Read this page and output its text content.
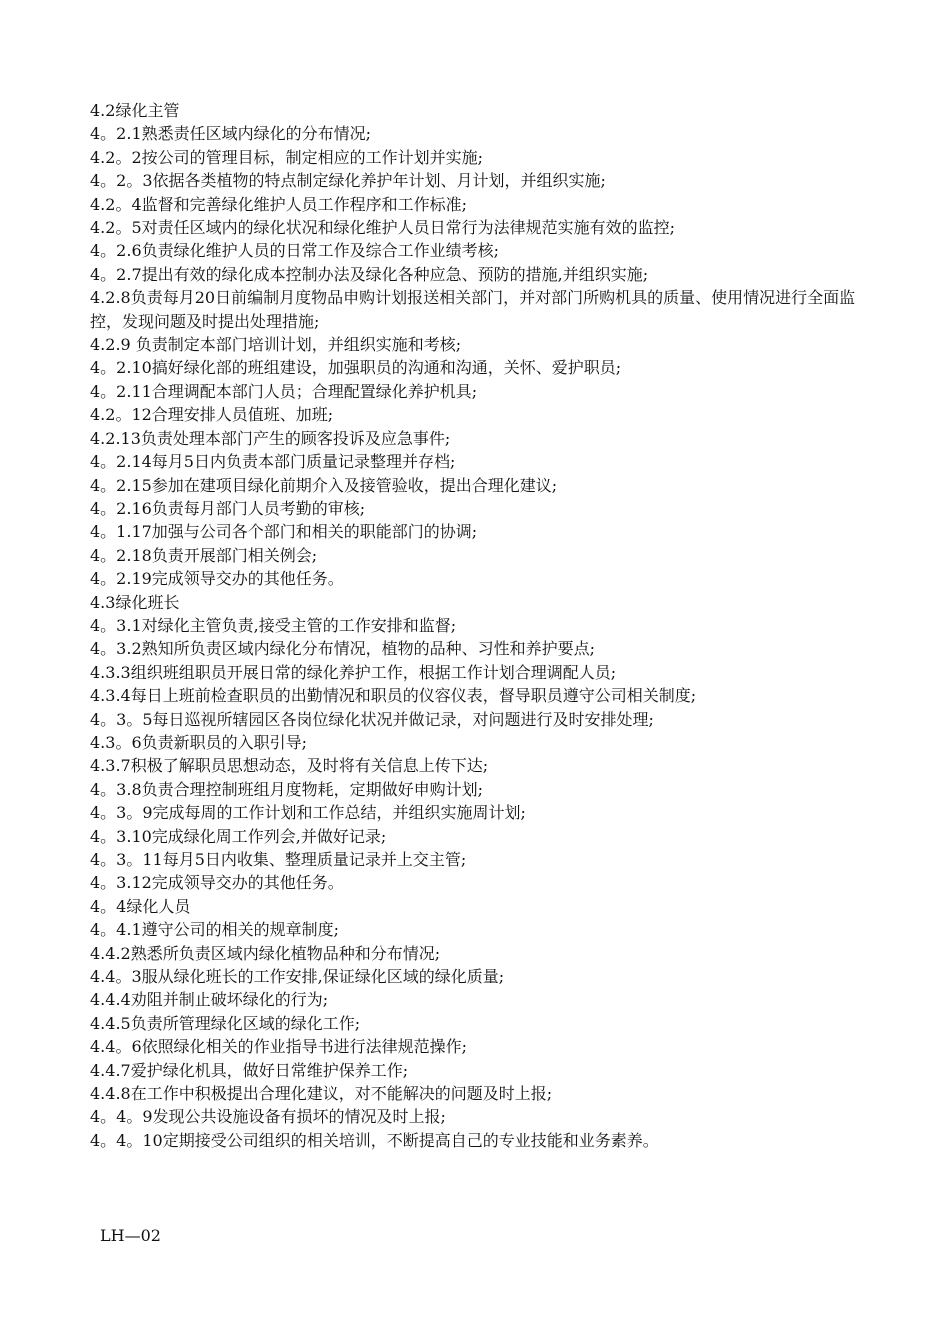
4.2绿化主管
4。2.1熟悉责任区域内绿化的分布情况;
4.2。2按公司的管理目标，制定相应的工作计划并实施;
4。2。3依据各类植物的特点制定绿化养护年计划、月计划，并组织实施;
4.2。4监督和完善绿化维护人员工作程序和工作标准;
4.2。5对责任区域内的绿化状况和绿化维护人员日常行为法律规范实施有效的监控;
4。2.6负责绿化维护人员的日常工作及综合工作业绩考核;
4。2.7提出有效的绿化成本控制办法及绿化各种应急、预防的措施,并组织实施;
4.2.8负责每月20日前编制月度物品申购计划报送相关部门，并对部门所购机具的质量、使用情况进行全面监控，发现问题及时提出处理措施;
4.2.9 负责制定本部门培训计划，并组织实施和考核;
4。2.10搞好绿化部的班组建设，加强职员的沟通和沟通，关怀、爱护职员;
4。2.11合理调配本部门人员；合理配置绿化养护机具;
4.2。12合理安排人员值班、加班;
4.2.13负责处理本部门产生的顾客投诉及应急事件;
4。2.14每月5日内负责本部门质量记录整理并存档;
4。2.15参加在建项目绿化前期介入及接管验收，提出合理化建议;
4。2.16负责每月部门人员考勤的审核;
4。1.17加强与公司各个部门和相关的职能部门的协调;
4。2.18负责开展部门相关例会;
4。2.19完成领导交办的其他任务。
4.3绿化班长
4。3.1对绿化主管负责,接受主管的工作安排和监督;
4。3.2熟知所负责区域内绿化分布情况，植物的品种、习性和养护要点;
4.3.3组织班组职员开展日常的绿化养护工作，根据工作计划合理调配人员;
4.3.4每日上班前检查职员的出勤情况和职员的仪容仪表，督导职员遵守公司相关制度;
4。3。5每日巡视所辖园区各岗位绿化状况并做记录，对问题进行及时安排处理;
4.3。6负责新职员的入职引导;
4.3.7积极了解职员思想动态，及时将有关信息上传下达;
4。3.8负责合理控制班组月度物耗，定期做好申购计划;
4。3。9完成每周的工作计划和工作总结，并组织实施周计划;
4。3.10完成绿化周工作列会,并做好记录;
4。3。11每月5日内收集、整理质量记录并上交主管;
4。3.12完成领导交办的其他任务。
4。4绿化人员
4。4.1遵守公司的相关的规章制度;
4.4.2熟悉所负责区域内绿化植物品种和分布情况;
4.4。3服从绿化班长的工作安排,保证绿化区域的绿化质量;
4.4.4劝阻并制止破坏绿化的行为;
4.4.5负责所管理绿化区域的绿化工作;
4.4。6依照绿化相关的作业指导书进行法律规范操作;
4.4.7爱护绿化机具，做好日常维护保养工作;
4.4.8在工作中积极提出合理化建议，对不能解决的问题及时上报;
4。4。9发现公共设施设备有损坏的情况及时上报;
4。4。10定期接受公司组织的相关培训，不断提高自己的专业技能和业务素养。
LH—02
